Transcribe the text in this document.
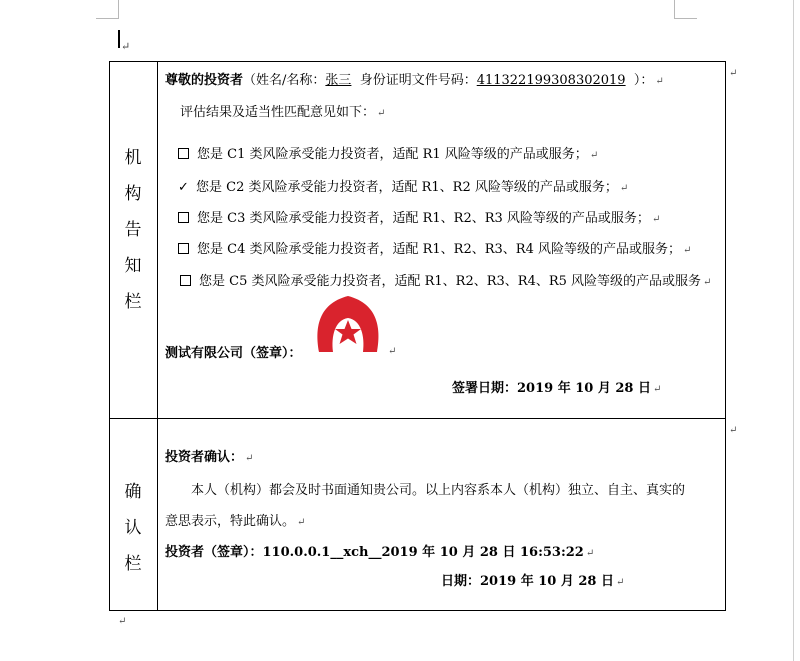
↵
机
构
告
知
栏
尊敬的投资者（姓名/名称：张三 身份证明文件号码：411322199308302019 ）： ↵
评估结果及适当性匹配意见如下： ↵
您是 C1 类风险承受能力投资者，适配 R1 风险等级的产品或服务； ↵
✓ 您是 C2 类风险承受能力投资者，适配 R1、R2 风险等级的产品或服务； ↵
您是 C3 类风险承受能力投资者，适配 R1、R2、R3 风险等级的产品或服务； ↵
您是 C4 类风险承受能力投资者，适配 R1、R2、R3、R4 风险等级的产品或服务； ↵
您是 C5 类风险承受能力投资者，适配 R1、R2、R3、R4、R5 风险等级的产品或服务 ↵
测试有限公司（签章）：	↵
签署日期：2019 年 10 月 28 日 ↵
确
认
栏
投资者确认： ↵
本人（机构）都会及时书面通知贵公司。以上内容系本人（机构）独立、自主、真实的
意思表示，特此确认。 ↵
投资者（签章）：110.0.0.1__xch__2019 年 10 月 28 日 16:53:22 ↵
日期：2019 年 10 月 28 日 ↵
↵
↵
↵
